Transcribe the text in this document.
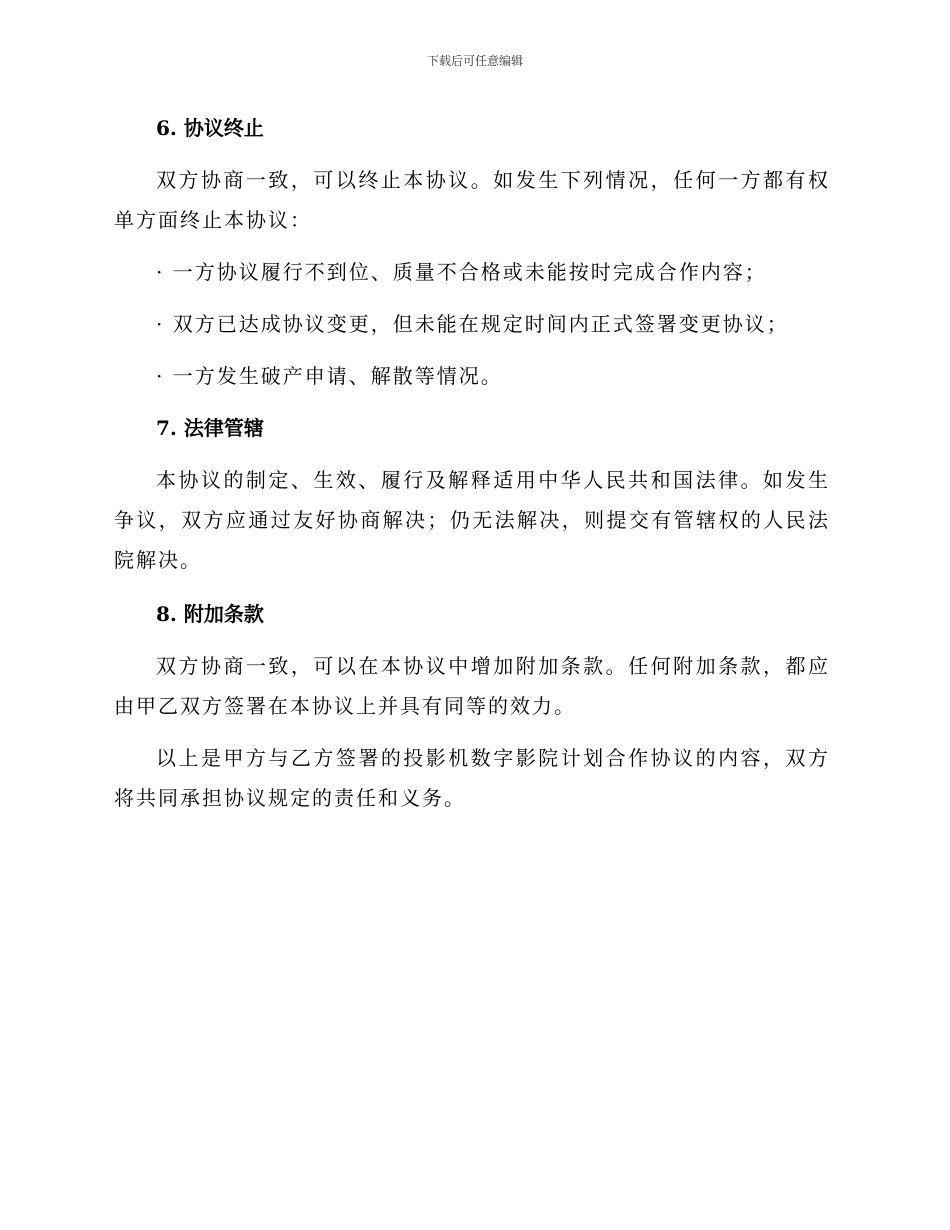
下载后可任意编辑

6. 协议终止

双方协商一致，可以终止本协议。如发生下列情况，任何一方都有权单方面终止本协议：

· 一方协议履行不到位、质量不合格或未能按时完成合作内容；

· 双方已达成协议变更，但未能在规定时间内正式签署变更协议；

· 一方发生破产申请、解散等情况。

7. 法律管辖

本协议的制定、生效、履行及解释适用中华人民共和国法律。如发生争议，双方应通过友好协商解决；仍无法解决，则提交有管辖权的人民法院解决。

8. 附加条款

双方协商一致，可以在本协议中增加附加条款。任何附加条款，都应由甲乙双方签署在本协议上并具有同等的效力。

以上是甲方与乙方签署的投影机数字影院计划合作协议的内容，双方将共同承担协议规定的责任和义务。
